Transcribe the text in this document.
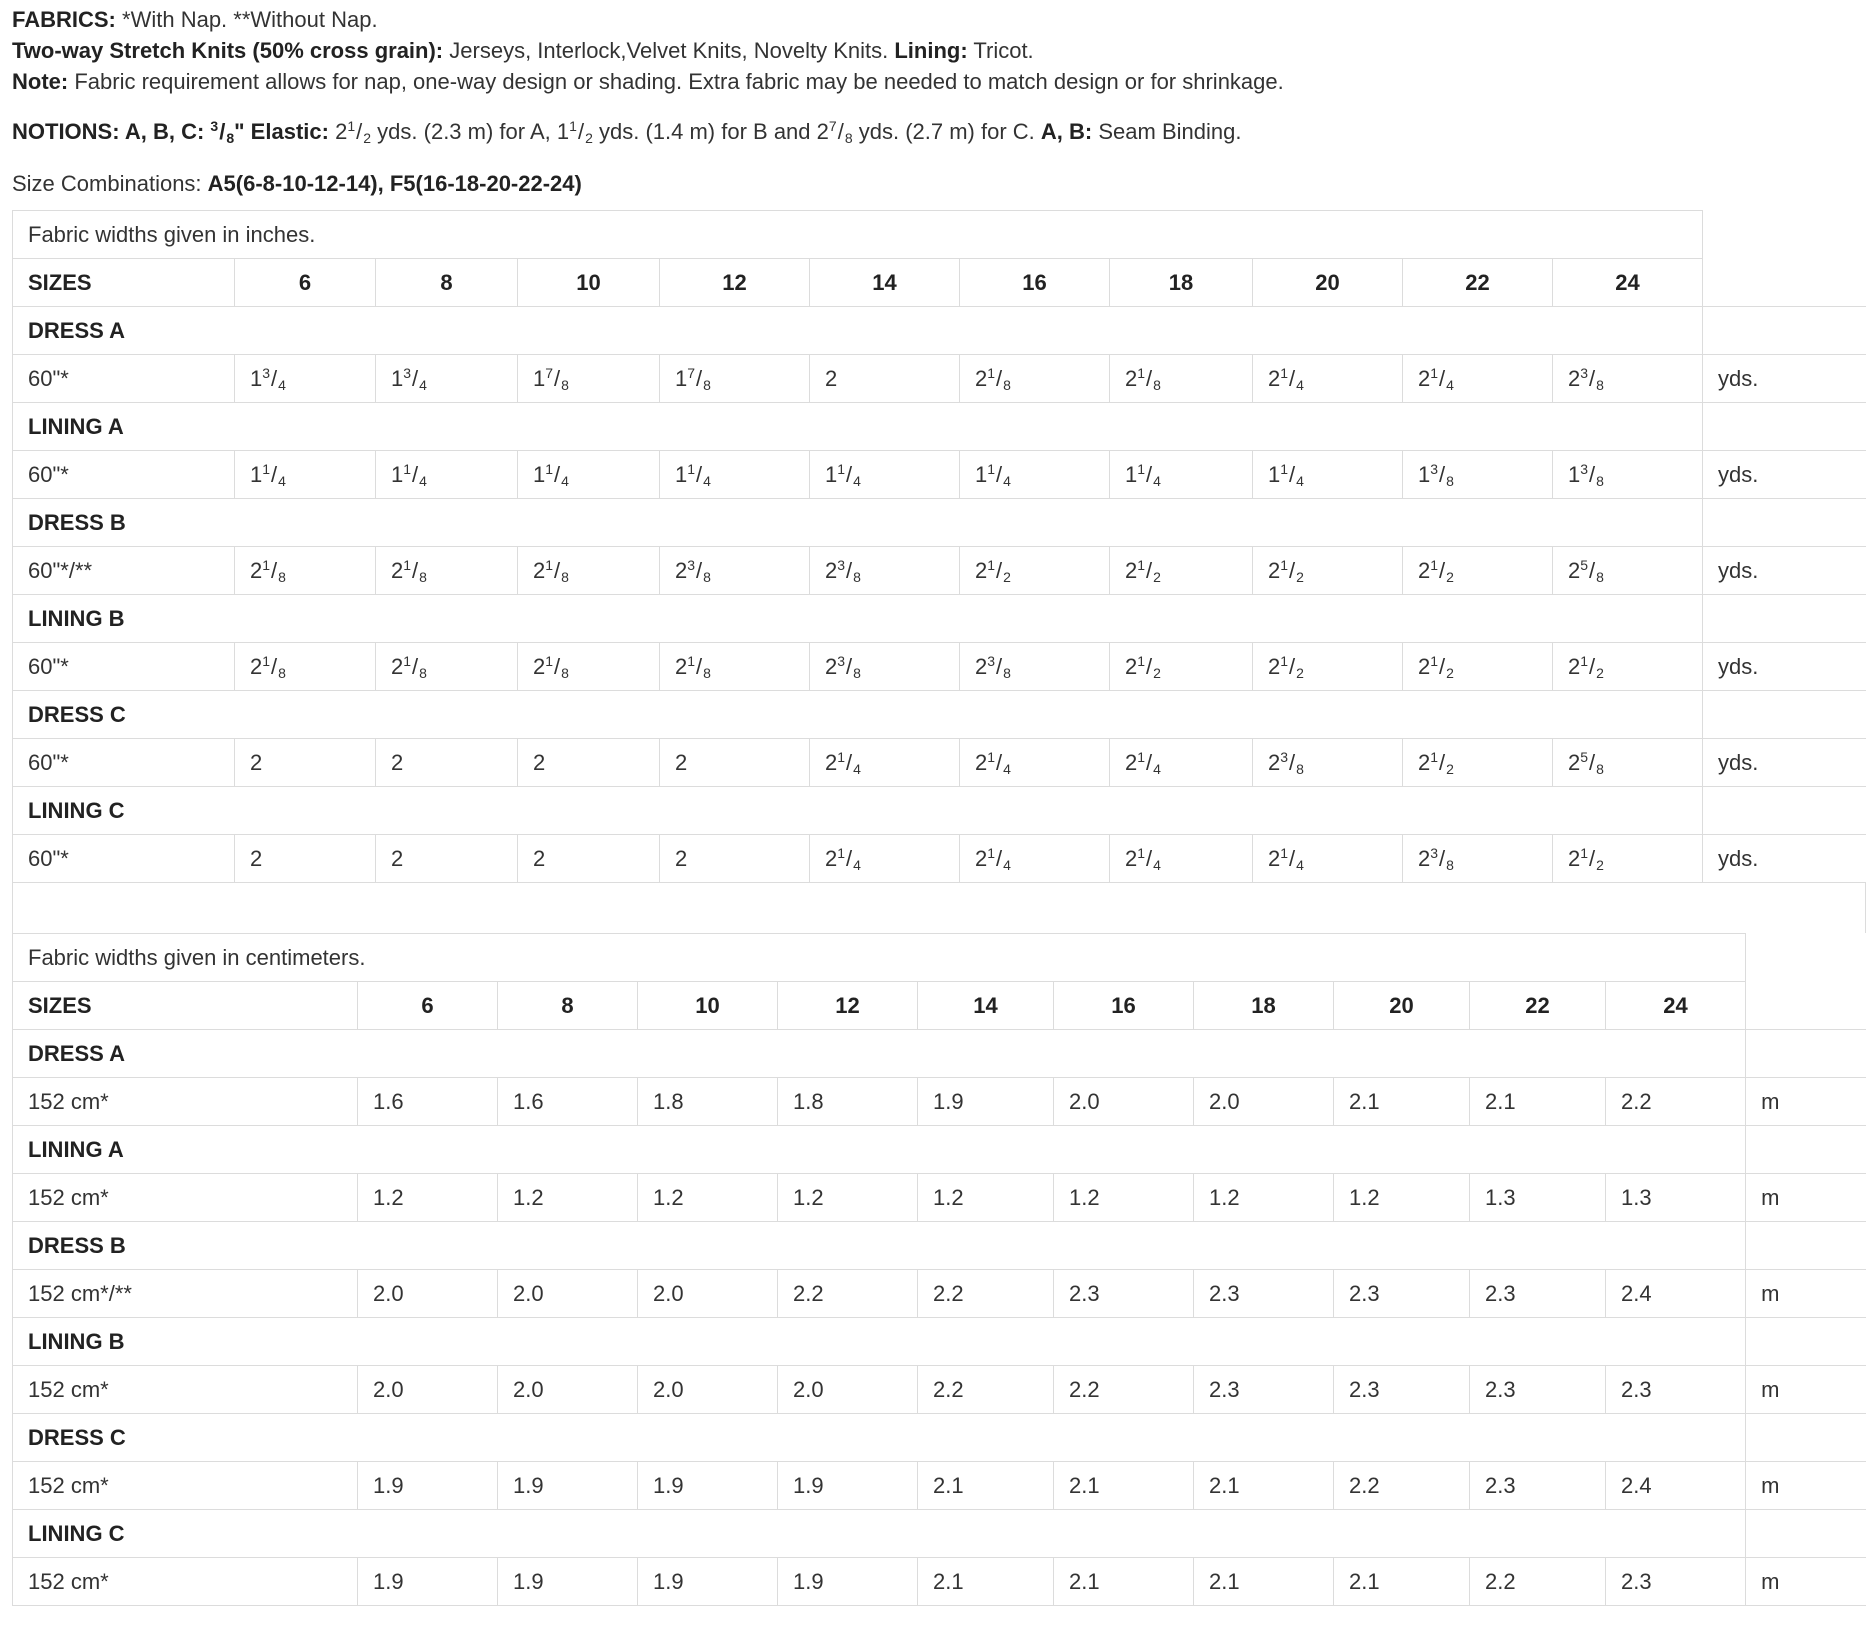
FABRICS: *With Nap. **Without Nap.
Two-way Stretch Knits (50% cross grain): Jerseys, Interlock,Velvet Knits, Novelty Knits. Lining: Tricot.
Note: Fabric requirement allows for nap, one-way design or shading. Extra fabric may be needed to match design or for shrinkage.
NOTIONS: A, B, C: $^3/_8$" Elastic: $2^1/_2$ yds. (2.3 m) for A, $1^1/_2$ yds. (1.4 m) for B and $2^7/_8$ yds. (2.7 m) for C. A, B: Seam Binding.
Size Combinations: A5(6-8-10-12-14), F5(16-18-20-22-24)
Fabric widths given in inches.											
SIZES	6	8	10	12	14	16	18	20	22	24	
DRESS A											
60"*	$1^3/_4$	$1^3/_4$	$1^7/_8$	$1^7/_8$	2	$2^1/_8$	$2^1/_8$	$2^1/_4$	$2^1/_4$	$2^3/_8$	yds.
LINING A											
60"*	$1^1/_4$	$1^1/_4$	$1^1/_4$	$1^1/_4$	$1^1/_4$	$1^1/_4$	$1^1/_4$	$1^1/_4$	$1^3/_8$	$1^3/_8$	yds.
DRESS B											
60"*/**	$2^1/_8$	$2^1/_8$	$2^1/_8$	$2^3/_8$	$2^3/_8$	$2^1/_2$	$2^1/_2$	$2^1/_2$	$2^1/_2$	$2^5/_8$	yds.
LINING B											
60"*	$2^1/_8$	$2^1/_8$	$2^1/_8$	$2^1/_8$	$2^3/_8$	$2^3/_8$	$2^1/_2$	$2^1/_2$	$2^1/_2$	$2^1/_2$	yds.
DRESS C											
60"*	2	2	2	2	$2^1/_4$	$2^1/_4$	$2^1/_4$	$2^3/_8$	$2^1/_2$	$2^5/_8$	yds.
LINING C											
60"*	2	2	2	2	$2^1/_4$	$2^1/_4$	$2^1/_4$	$2^1/_4$	$2^3/_8$	$2^1/_2$	yds.
Fabric widths given in centimeters.											
SIZES	6	8	10	12	14	16	18	20	22	24	
DRESS A											
152 cm*	1.6	1.6	1.8	1.8	1.9	2.0	2.0	2.1	2.1	2.2	m
LINING A											
152 cm*	1.2	1.2	1.2	1.2	1.2	1.2	1.2	1.2	1.3	1.3	m
DRESS B											
152 cm*/**	2.0	2.0	2.0	2.2	2.2	2.3	2.3	2.3	2.3	2.4	m
LINING B											
152 cm*	2.0	2.0	2.0	2.0	2.2	2.2	2.3	2.3	2.3	2.3	m
DRESS C											
152 cm*	1.9	1.9	1.9	1.9	2.1	2.1	2.1	2.2	2.3	2.4	m
LINING C											
152 cm*	1.9	1.9	1.9	1.9	2.1	2.1	2.1	2.1	2.2	2.3	m
